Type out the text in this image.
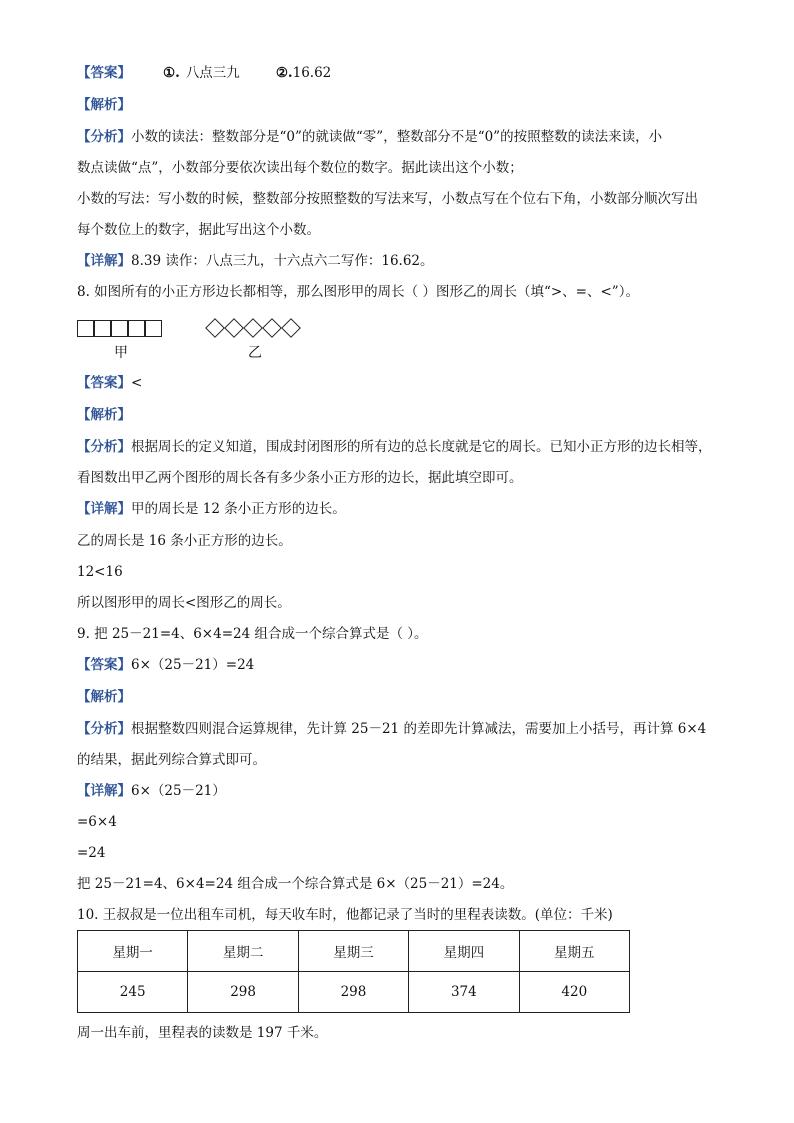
【答案】 ①. 八点三九	②.16.62
【解析】
【分析】小数的读法：整数部分是“0”的就读做“零”，整数部分不是“0”的按照整数的读法来读，小
数点读做“点”，小数部分要依次读出每个数位的数字。据此读出这个小数；
小数的写法：写小数的时候，整数部分按照整数的写法来写，小数点写在个位右下角，小数部分顺次写出
每个数位上的数字，据此写出这个小数。
【详解】8.39 读作：八点三九，十六点六二写作：16.62。
8. 如图所有的小正方形边长都相等，那么图形甲的周长（ ）图形乙的周长（填“>、=、<”）。
甲	乙
【答案】<
【解析】
【分析】根据周长的定义知道，围成封闭图形的所有边的总长度就是它的周长。已知小正方形的边长相等，
看图数出甲乙两个图形的周长各有多少条小正方形的边长，据此填空即可。
【详解】甲的周长是 12 条小正方形的边长。
乙的周长是 16 条小正方形的边长。
12<16
所以图形甲的周长<图形乙的周长。
9. 把 25－21=4、6×4=24 组合成一个综合算式是（ ）。
【答案】6×（25－21）=24
【解析】
【分析】根据整数四则混合运算规律，先计算 25－21 的差即先计算减法，需要加上小括号，再计算 6×4
的结果，据此列综合算式即可。
【详解】6×（25－21）
=6×4
=24
把 25－21=4、6×4=24 组合成一个综合算式是 6×（25－21）=24。
10. 王叔叔是一位出租车司机，每天收车时，他都记录了当时的里程表读数。(单位：千米)
星期一	星期二	星期三	星期四	星期五
245	298	298	374	420
周一出车前，里程表的读数是 197 千米。
